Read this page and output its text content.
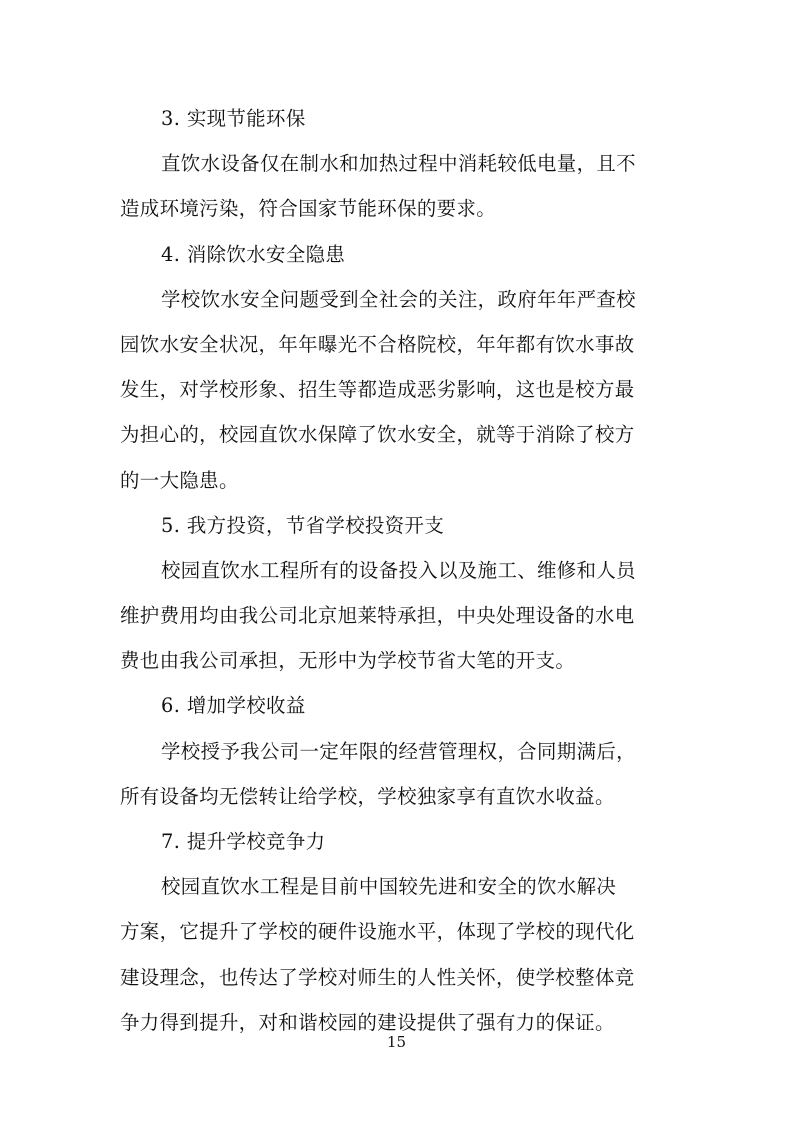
3. 实现节能环保
直饮水设备仅在制水和加热过程中消耗较低电量，且不
造成环境污染，符合国家节能环保的要求。
4. 消除饮水安全隐患
学校饮水安全问题受到全社会的关注，政府年年严查校
园饮水安全状况，年年曝光不合格院校，年年都有饮水事故
发生，对学校形象、招生等都造成恶劣影响，这也是校方最
为担心的，校园直饮水保障了饮水安全，就等于消除了校方
的一大隐患。
5. 我方投资，节省学校投资开支
校园直饮水工程所有的设备投入以及施工、维修和人员
维护费用均由我公司北京旭莱特承担，中央处理设备的水电
费也由我公司承担，无形中为学校节省大笔的开支。
6. 增加学校收益
学校授予我公司一定年限的经营管理权，合同期满后，
所有设备均无偿转让给学校，学校独家享有直饮水收益。
7. 提升学校竞争力
校园直饮水工程是目前中国较先进和安全的饮水解决
方案，它提升了学校的硬件设施水平，体现了学校的现代化
建设理念，也传达了学校对师生的人性关怀，使学校整体竞
争力得到提升，对和谐校园的建设提供了强有力的保证。
15
